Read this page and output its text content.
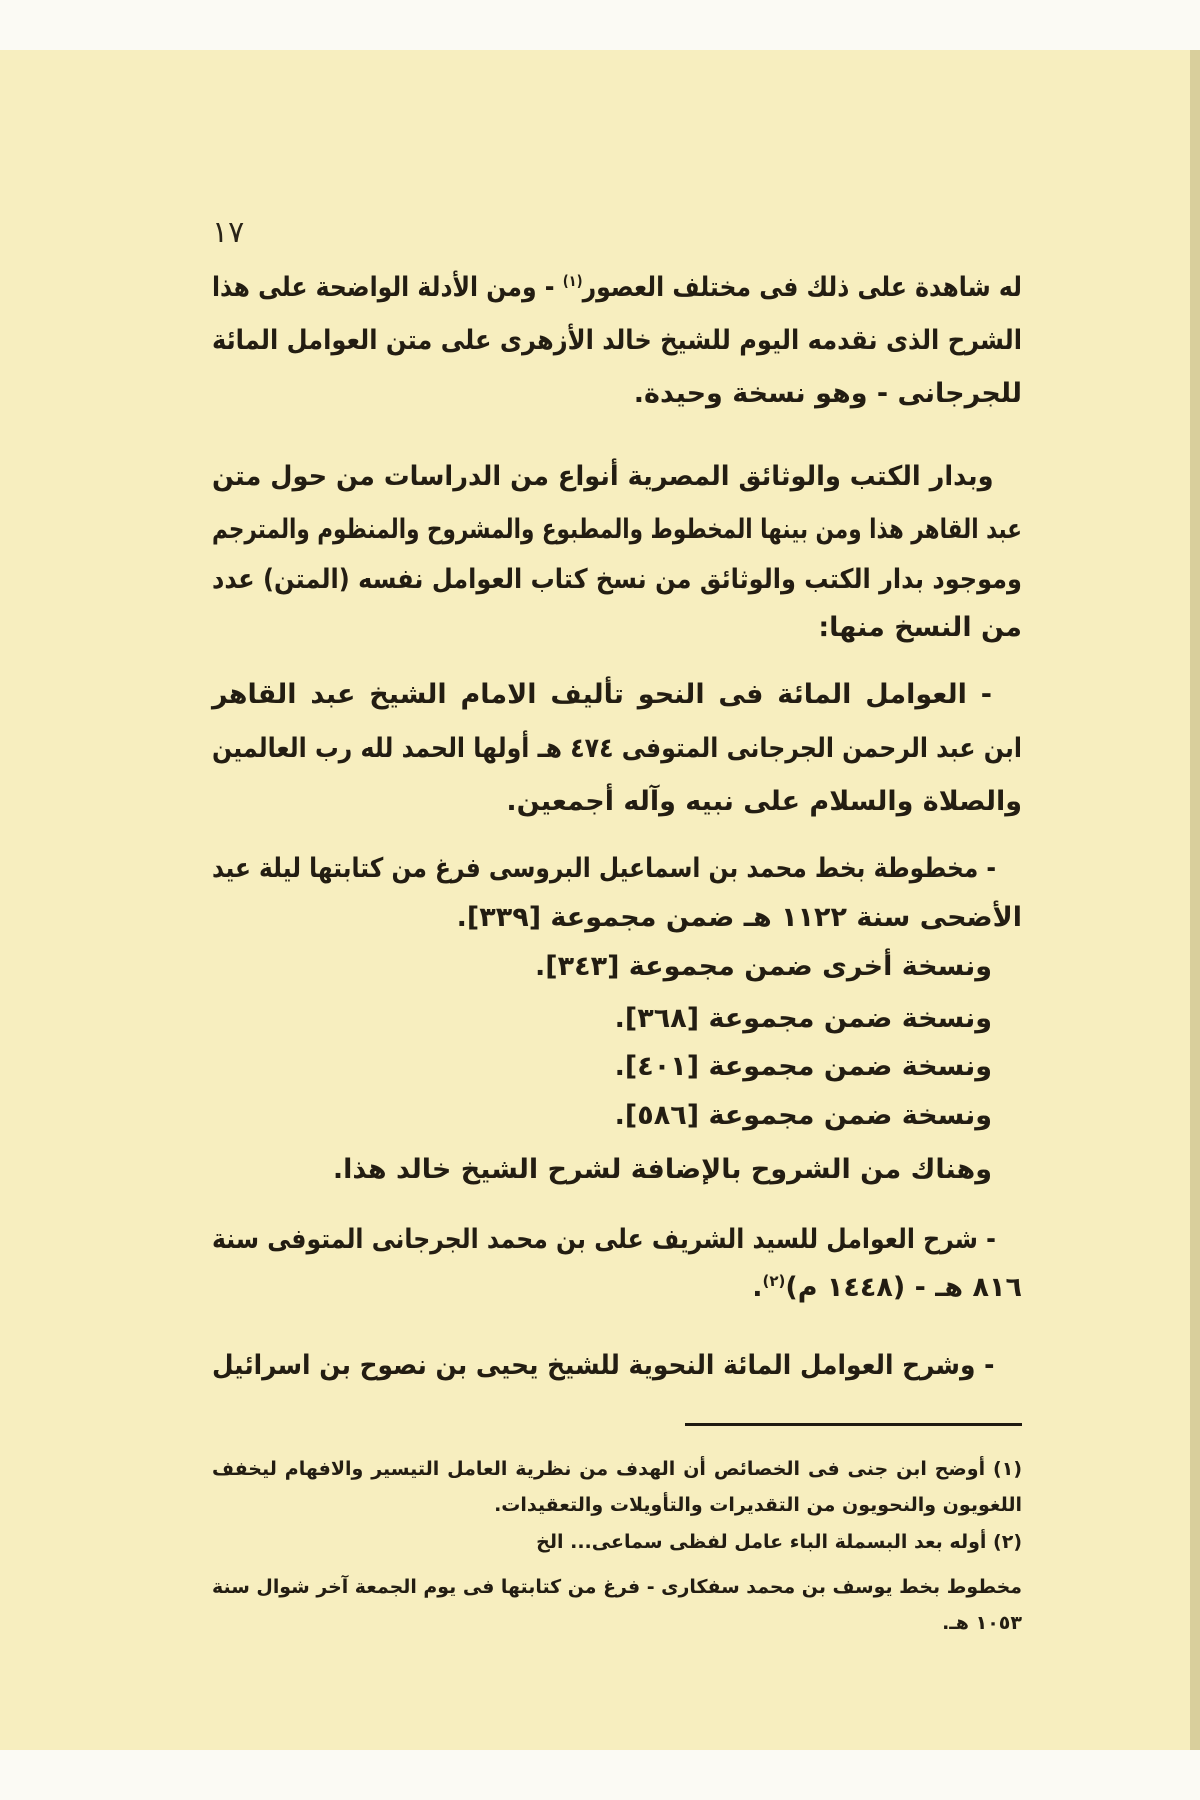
١٧
له شاهدة على ذلك فى مختلف العصور$^{(١)}$ - ومن الأدلة الواضحة على هذا
الشرح الذى نقدمه اليوم للشيخ خالد الأزهرى على متن العوامل المائة
للجرجانى - وهو نسخة وحيدة.
وبدار الكتب والوثائق المصرية أنواع من الدراسات من حول متن
عبد القاهر هذا ومن بينها المخطوط والمطبوع والمشروح والمنظوم والمترجم
وموجود بدار الكتب والوثائق من نسخ كتاب العوامل نفسه (المتن) عدد
من النسخ منها:
- العوامل المائة فى النحو تأليف الامام الشيخ عبد القاهر
ابن عبد الرحمن الجرجانى المتوفى ٤٧٤ هـ أولها الحمد لله رب العالمين
والصلاة والسلام على نبيه وآله أجمعين.
- مخطوطة بخط محمد بن اسماعيل البروسى فرغ من كتابتها ليلة عيد
الأضحى سنة ١١٢٢ هـ ضمن مجموعة [٣٣٩].
ونسخة أخرى ضمن مجموعة [٣٤٣].
ونسخة ضمن مجموعة [٣٦٨].
ونسخة ضمن مجموعة [٤٠١].
ونسخة ضمن مجموعة [٥٨٦].
وهناك من الشروح بالإضافة لشرح الشيخ خالد هذا.
- شرح العوامل للسيد الشريف على بن محمد الجرجانى المتوفى سنة
٨١٦ هـ - (١٤٤٨ م)$^{(٢)}$.
- وشرح العوامل المائة النحوية للشيخ يحيى بن نصوح بن اسرائيل
(١) أوضح ابن جنى فى الخصائص أن الهدف من نظرية العامل التيسير والافهام ليخفف
اللغويون والنحويون من التقديرات والتأويلات والتعقيدات.
(٢) أوله بعد البسملة الباء عامل لفظى سماعى... الخ
مخطوط بخط يوسف بن محمد سفكارى - فرغ من كتابتها فى يوم الجمعة آخر شوال سنة
١٠٥٣ هـ.
